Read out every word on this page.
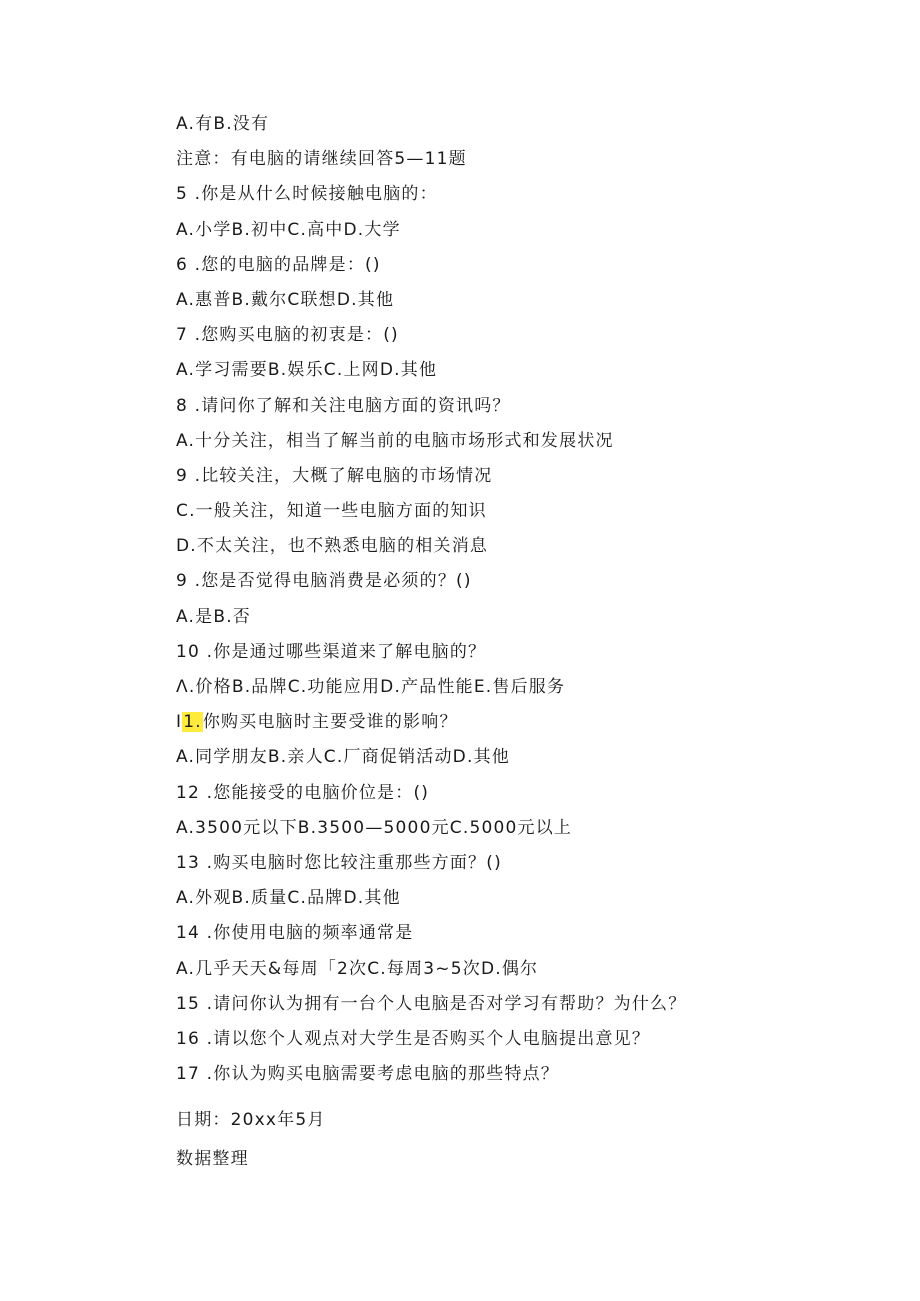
A.有B.没有
注意：有电脑的请继续回答5—11题
5 .你是从什么时候接触电脑的：
A.小学B.初中C.高中D.大学
6 .您的电脑的品牌是：()
A.惠普B.戴尔C联想D.其他
7 .您购买电脑的初衷是：()
A.学习需要B.娱乐C.上网D.其他
8 .请问你了解和关注电脑方面的资讯吗？
A.十分关注，相当了解当前的电脑市场形式和发展状况
9 .比较关注，大概了解电脑的市场情况
C.一般关注，知道一些电脑方面的知识
D.不太关注，也不熟悉电脑的相关消息
9 .您是否觉得电脑消费是必须的？()
A.是B.否
10 .你是通过哪些渠道来了解电脑的？
Λ.价格B.品牌C.功能应用D.产品性能E.售后服务
I1.你购买电脑时主要受谁的影响？
A.同学朋友B.亲人C.厂商促销活动D.其他
12 .您能接受的电脑价位是：()
A.3500元以下B.3500—5000元C.5000元以上
13 .购买电脑时您比较注重那些方面？()
A.外观B.质量C.品牌D.其他
14 .你使用电脑的频率通常是
A.几乎天天&每周「2次C.每周3~5次D.偶尔
15 .请问你认为拥有一台个人电脑是否对学习有帮助？为什么？
16 .请以您个人观点对大学生是否购买个人电脑提出意见？
17 .你认为购买电脑需要考虑电脑的那些特点？
日期：20xx年5月
数据整理
